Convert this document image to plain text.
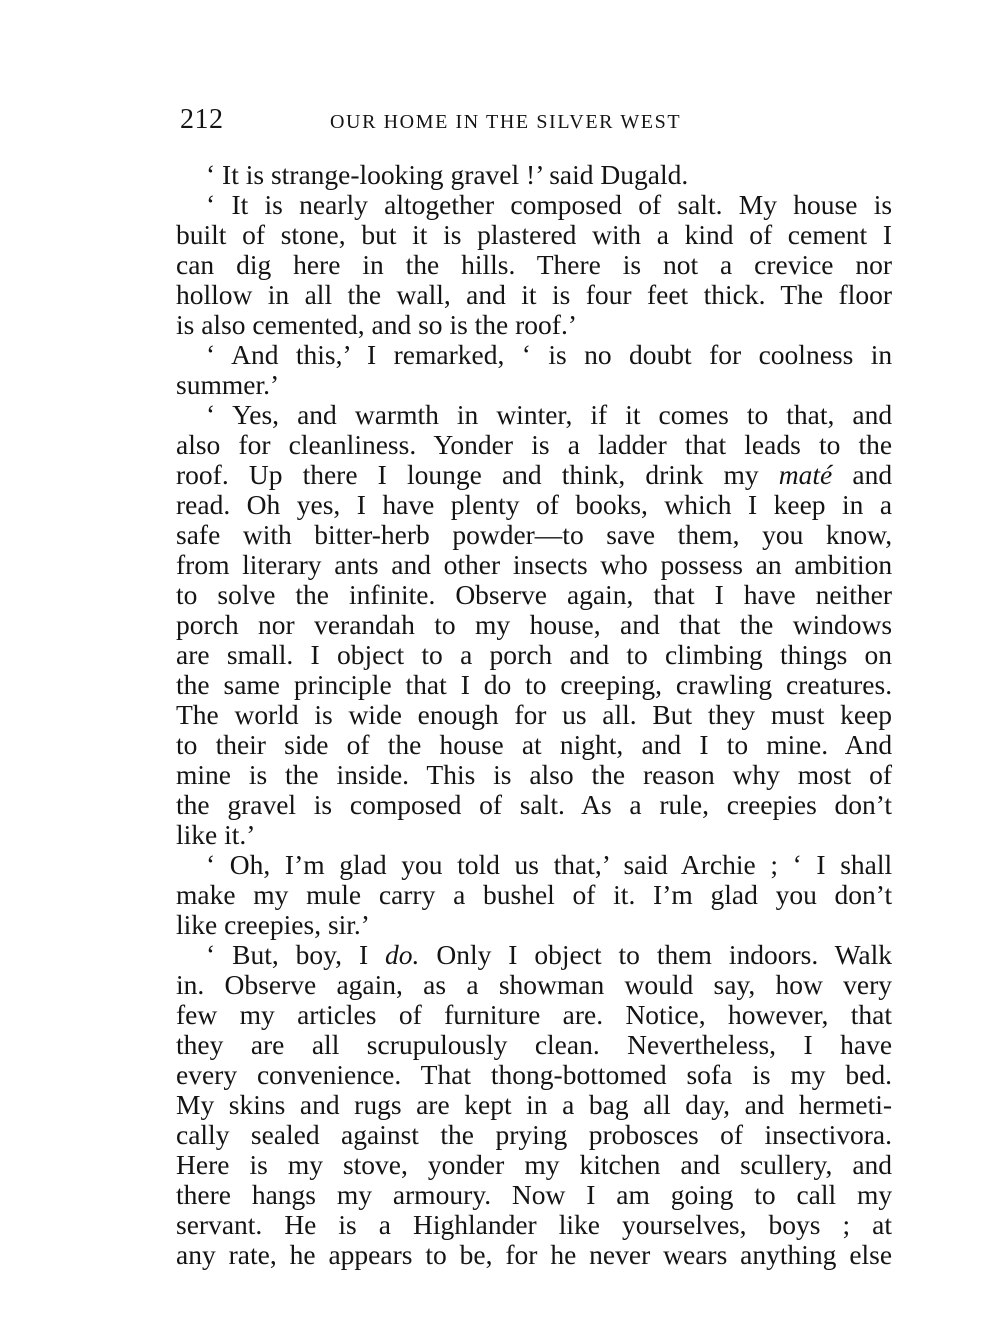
212	OUR HOME IN THE SILVER WEST
‘ It is strange-looking gravel !’ said Dugald.
‘ It is nearly altogether composed of salt. My house is
built of stone, but it is plastered with a kind of cement I
can dig here in the hills. There is not a crevice nor
hollow in all the wall, and it is four feet thick. The floor
is also cemented, and so is the roof.’
‘ And this,’ I remarked, ‘ is no doubt for coolness in
summer.’
‘ Yes, and warmth in winter, if it comes to that, and
also for cleanliness. Yonder is a ladder that leads to the
roof. Up there I lounge and think, drink my maté and
read. Oh yes, I have plenty of books, which I keep in a
safe with bitter-herb powder—to save them, you know,
from literary ants and other insects who possess an ambition
to solve the infinite. Observe again, that I have neither
porch nor verandah to my house, and that the windows
are small. I object to a porch and to climbing things on
the same principle that I do to creeping, crawling creatures.
The world is wide enough for us all. But they must keep
to their side of the house at night, and I to mine. And
mine is the inside. This is also the reason why most of
the gravel is composed of salt. As a rule, creepies don’t
like it.’
‘ Oh, I’m glad you told us that,’ said Archie ; ‘ I shall
make my mule carry a bushel of it. I’m glad you don’t
like creepies, sir.’
‘ But, boy, I do. Only I object to them indoors. Walk
in. Observe again, as a showman would say, how very
few my articles of furniture are. Notice, however, that
they are all scrupulously clean. Nevertheless, I have
every convenience. That thong-bottomed sofa is my bed.
My skins and rugs are kept in a bag all day, and hermeti-
cally sealed against the prying probosces of insectivora.
Here is my stove, yonder my kitchen and scullery, and
there hangs my armoury. Now I am going to call my
servant. He is a Highlander like yourselves, boys ; at
any rate, he appears to be, for he never wears anything else
